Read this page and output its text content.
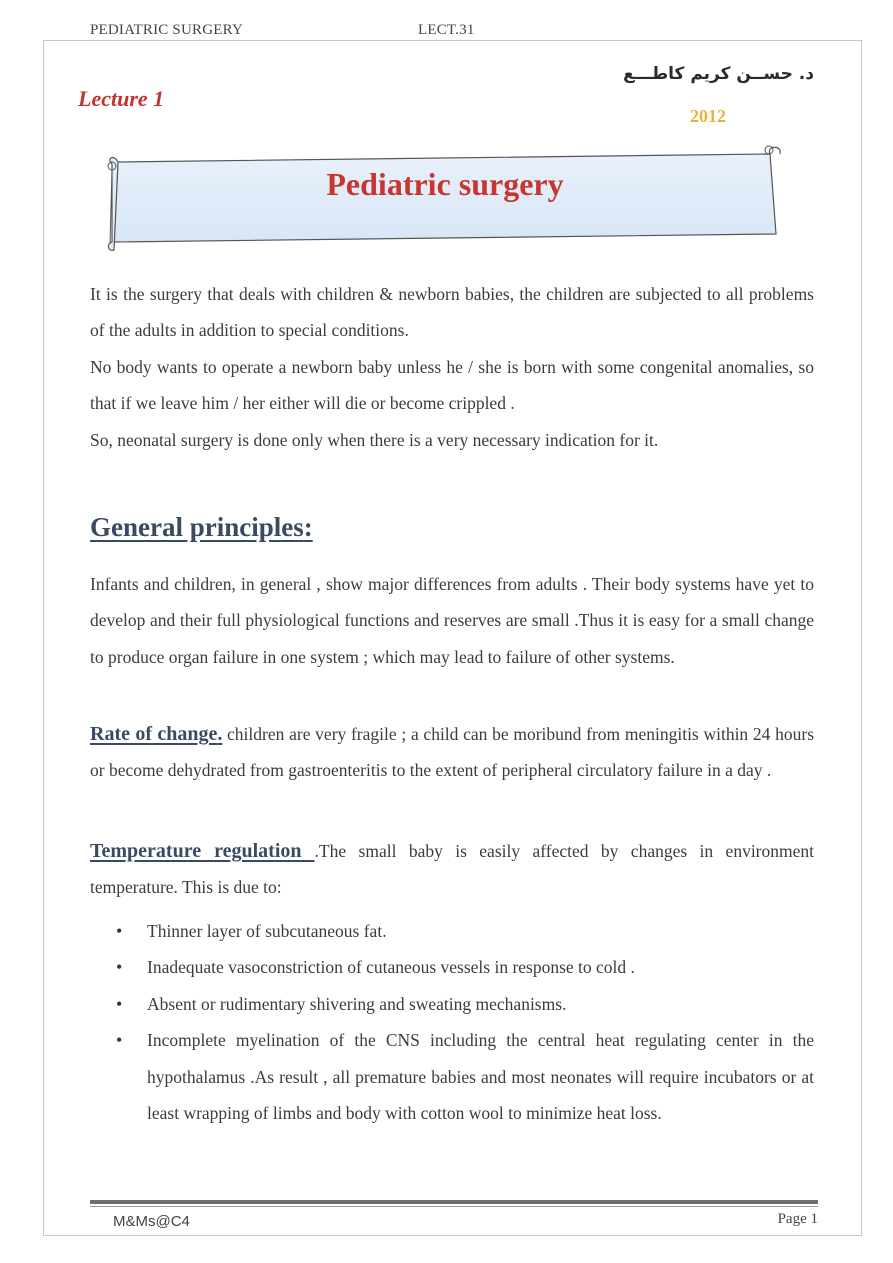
PEDIATRIC SURGERY	LECT.31
Lecture 1
د. حســن كريم كاطـــع
2012
Pediatric surgery
It is the surgery that deals with children & newborn babies, the children are subjected to all problems of the adults in addition to special conditions.
No body wants to operate a newborn baby unless he / she is born with some congenital anomalies, so that if we leave him / her either will die or become crippled .
So, neonatal surgery is done only when there is a very necessary indication for it.
General principles:
Infants and children, in general , show major differences from adults . Their body systems have yet to develop and their full physiological functions and reserves are small .Thus it is easy for a small change to produce organ failure in one system ; which may lead to failure of other systems.
Rate of change. children are very fragile ; a child can be moribund from meningitis within 24 hours or become dehydrated from gastroenteritis to the extent of peripheral circulatory failure in a day .
Temperature regulation .The small baby is easily affected by changes in environment temperature. This is due to:
• Thinner layer of subcutaneous fat.
• Inadequate vasoconstriction of cutaneous vessels in response to cold .
• Absent or rudimentary shivering and sweating mechanisms.
• Incomplete myelination of the CNS including the central heat regulating center in the hypothalamus .As result , all premature babies and most neonates will require incubators or at least wrapping of limbs and body with cotton wool to minimize heat loss.
M&Ms@C4	Page 1
